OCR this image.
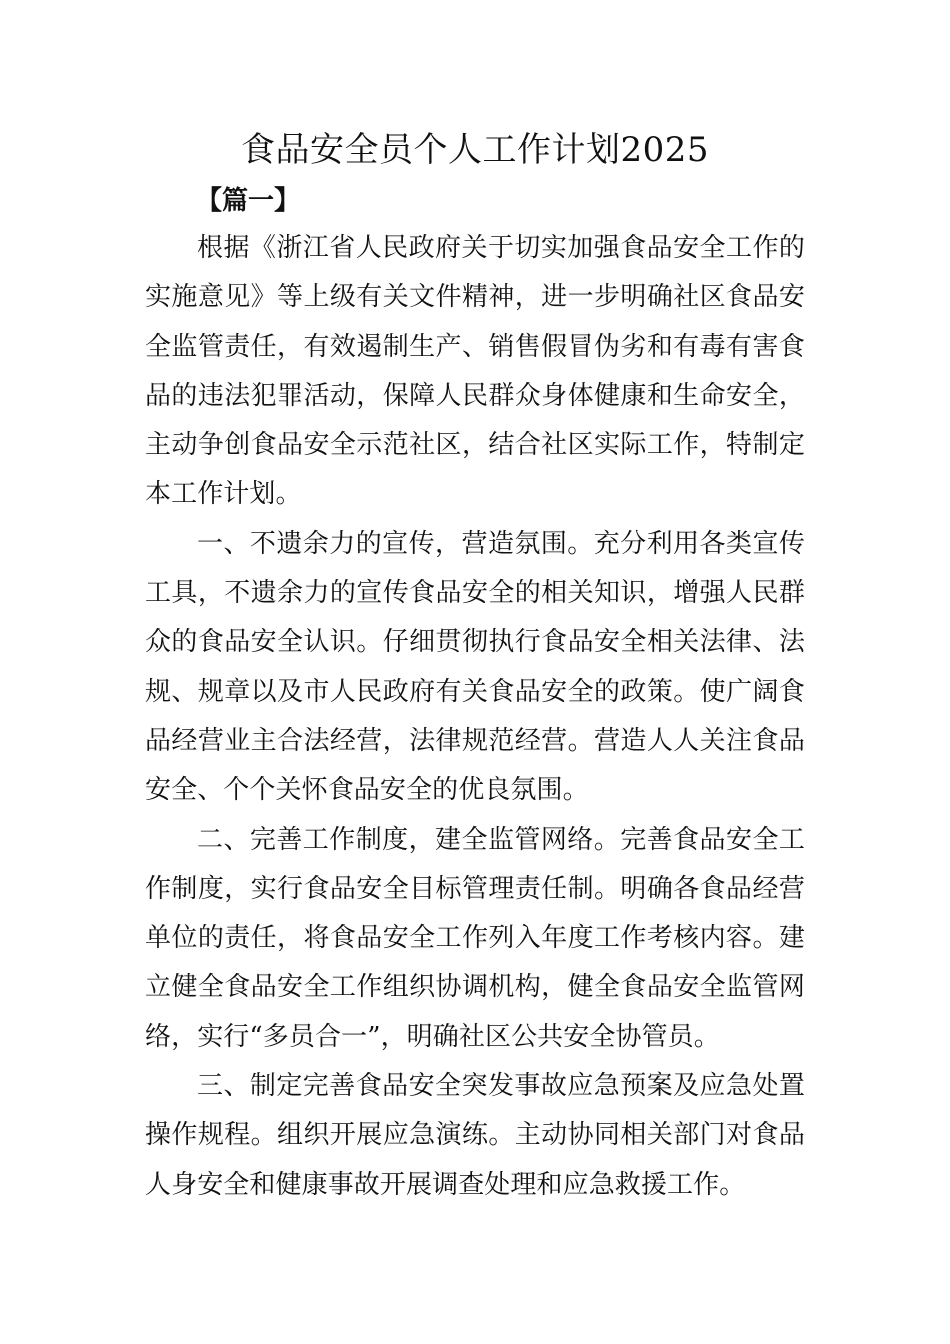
食品安全员个人工作计划2025
【篇一】

根据《浙江省人民政府关于切实加强食品安全工作的实施意见》等上级有关文件精神，进一步明确社区食品安全监管责任，有效遏制生产、销售假冒伪劣和有毒有害食品的违法犯罪活动，保障人民群众身体健康和生命安全，主动争创食品安全示范社区，结合社区实际工作，特制定本工作计划。

一、不遗余力的宣传，营造氛围。充分利用各类宣传工具，不遗余力的宣传食品安全的相关知识，增强人民群众的食品安全认识。仔细贯彻执行食品安全相关法律、法规、规章以及市人民政府有关食品安全的政策。使广阔食品经营业主合法经营，法律规范经营。营造人人关注食品安全、个个关怀食品安全的优良氛围。

二、完善工作制度，建全监管网络。完善食品安全工作制度，实行食品安全目标管理责任制。明确各食品经营单位的责任，将食品安全工作列入年度工作考核内容。建立健全食品安全工作组织协调机构，健全食品安全监管网络，实行“多员合一”，明确社区公共安全协管员。

三、制定完善食品安全突发事故应急预案及应急处置操作规程。组织开展应急演练。主动协同相关部门对食品人身安全和健康事故开展调查处理和应急救援工作。
